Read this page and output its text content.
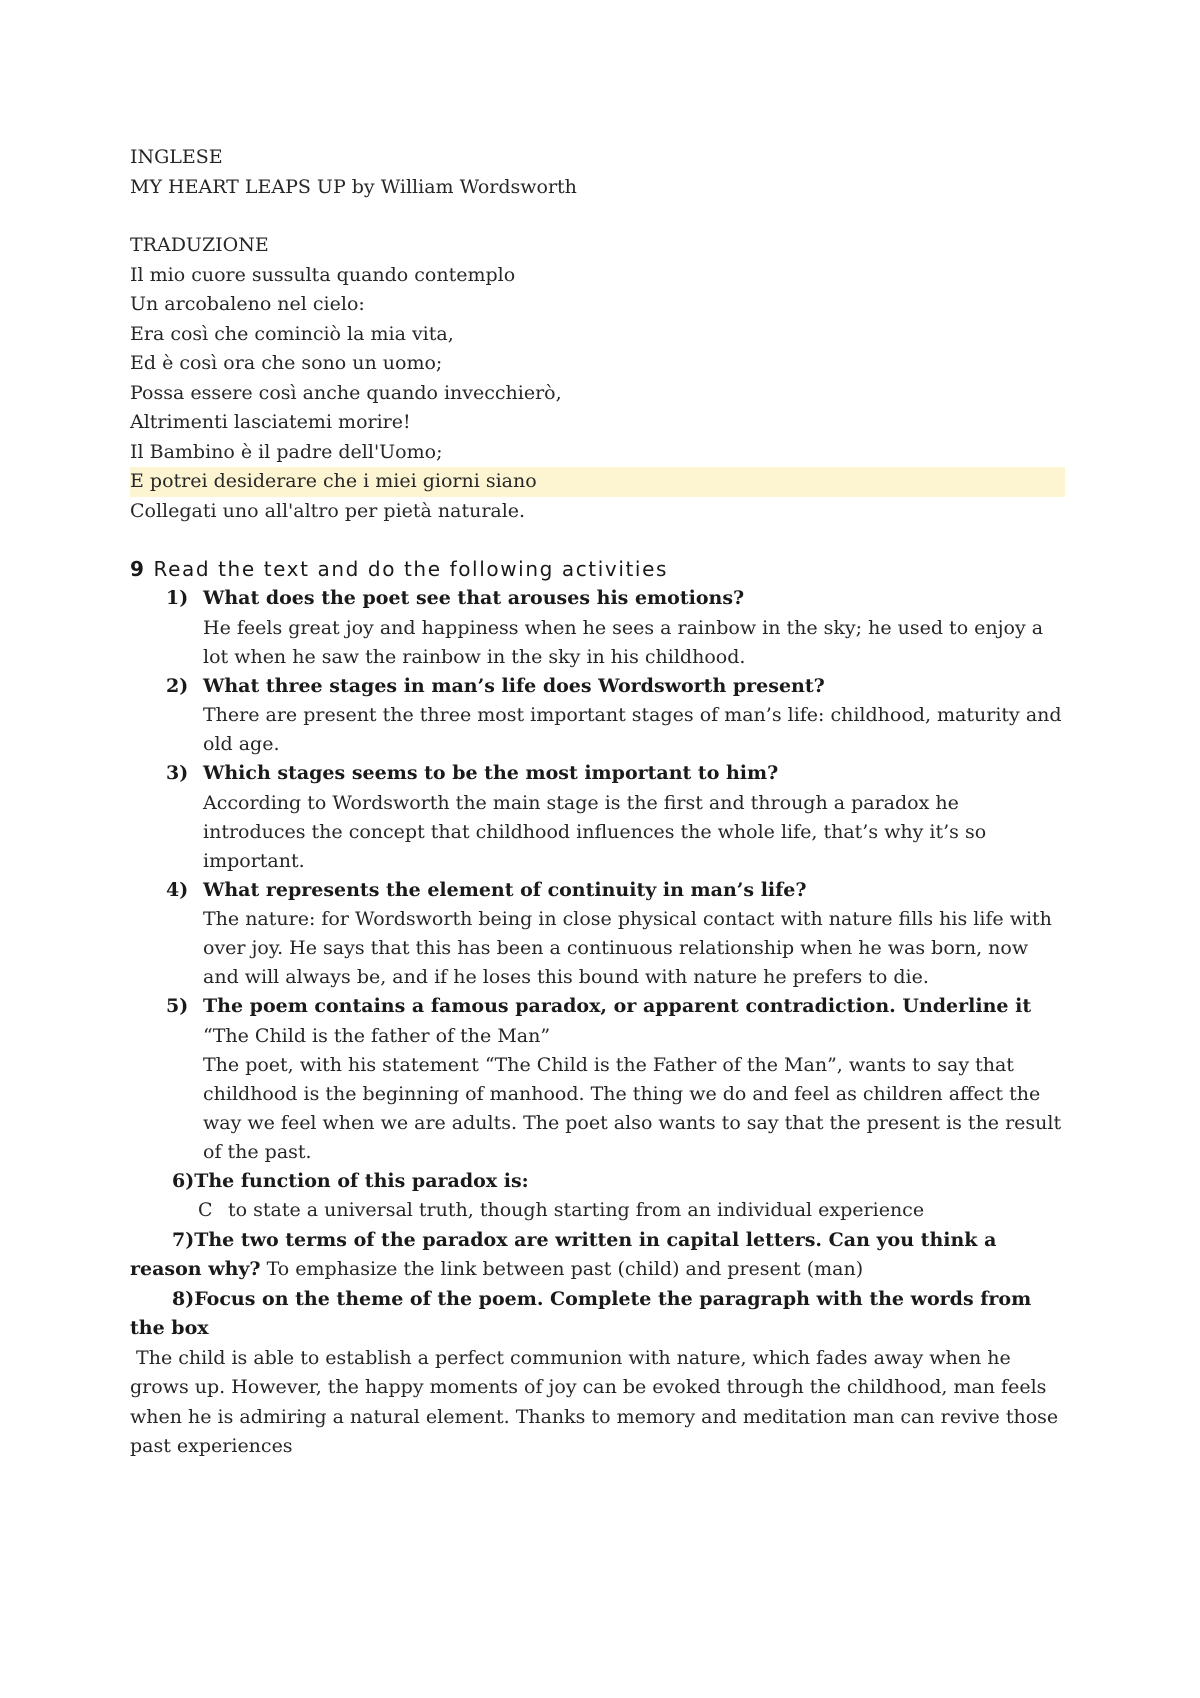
INGLESE
MY HEART LEAPS UP by William Wordsworth
TRADUZIONE
Il mio cuore sussulta quando contemplo
Un arcobaleno nel cielo:
Era così che cominciò la mia vita,
Ed è così ora che sono un uomo;
Possa essere così anche quando invecchierò,
Altrimenti lasciatemi morire!
Il Bambino è il padre dell'Uomo;
E potrei desiderare che i miei giorni siano
Collegati uno all'altro per pietà naturale.
9 Read the text and do the following activities
1) What does the poet see that arouses his emotions?
He feels great joy and happiness when he sees a rainbow in the sky; he used to enjoy a lot when he saw the rainbow in the sky in his childhood.
2) What three stages in man’s life does Wordsworth present?
There are present the three most important stages of man’s life: childhood, maturity and old age.
3) Which stages seems to be the most important to him?
According to Wordsworth the main stage is the first and through a paradox he introduces the concept that childhood influences the whole life, that’s why it’s so important.
4) What represents the element of continuity in man’s life?
The nature: for Wordsworth being in close physical contact with nature fills his life with over joy. He says that this has been a continuous relationship when he was born, now and will always be, and if he loses this bound with nature he prefers to die.
5) The poem contains a famous paradox, or apparent contradiction. Underline it
“The Child is the father of the Man”
The poet, with his statement “The Child is the Father of the Man”, wants to say that childhood is the beginning of manhood. The thing we do and feel as children affect the way we feel when we are adults. The poet also wants to say that the present is the result of the past.
6)The function of this paradox is:
C to state a universal truth, though starting from an individual experience
7)The two terms of the paradox are written in capital letters. Can you think a reason why? To emphasize the link between past (child) and present (man)
8)Focus on the theme of the poem. Complete the paragraph with the words from the box
The child is able to establish a perfect communion with nature, which fades away when he grows up. However, the happy moments of joy can be evoked through the childhood, man feels when he is admiring a natural element. Thanks to memory and meditation man can revive those past experiences
